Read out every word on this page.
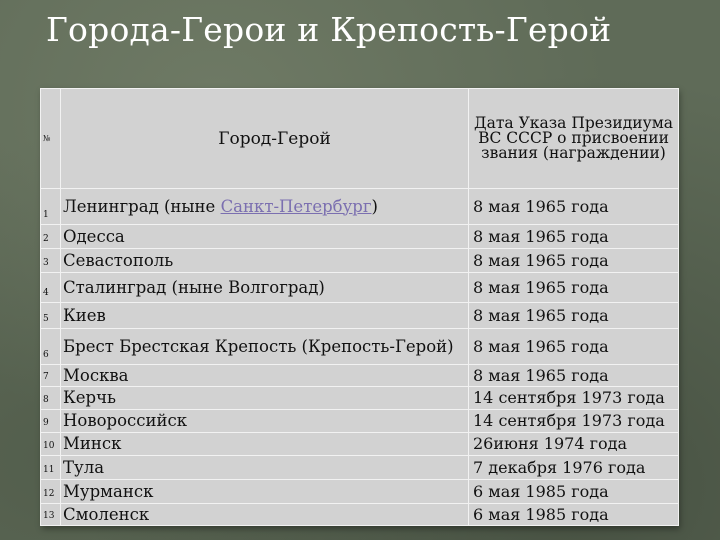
Города-Герои и Крепость-Герой
№	Город-Герой	Дата Указа Президиума ВС СССР о присвоении звания (награждении)
1	Ленинград (ныне Санкт-Петербург)	8 мая 1965 года
2	Одесса	8 мая 1965 года
3	Севастополь	8 мая 1965 года
4	Сталинград (ныне Волгоград)	8 мая 1965 года
5	Киев	8 мая 1965 года
6	Брест Брестская Крепость (Крепость-Герой)	8 мая 1965 года
7	Москва	8 мая 1965 года
8	Керчь	14 сентября 1973 года
9	Новороссийск	14 сентября 1973 года
10	Минск	26июня 1974 года
11	Тула	7 декабря 1976 года
12	Мурманск	6 мая 1985 года
13	Смоленск	6 мая 1985 года
